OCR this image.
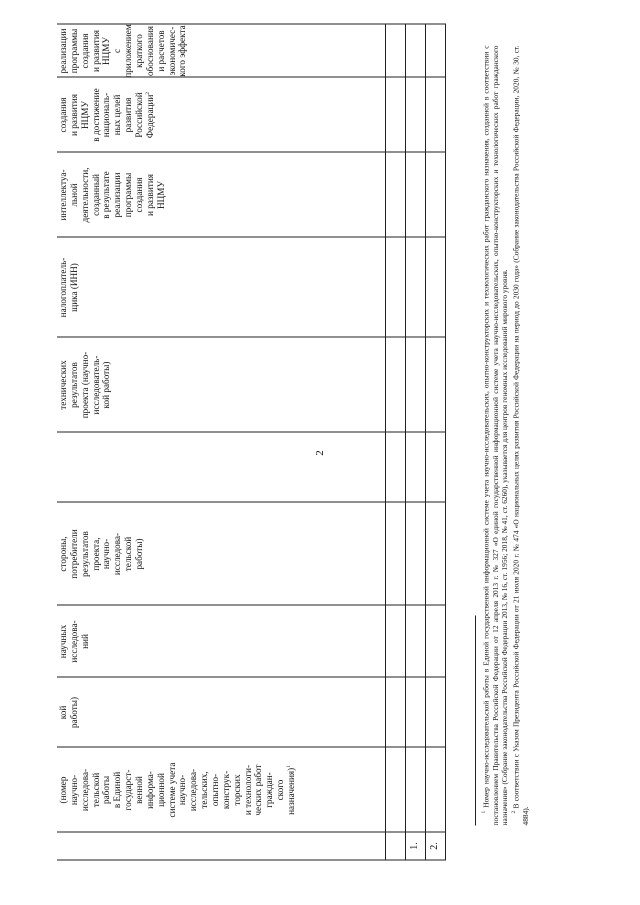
2
(номер
научно-
исследова-
тельской
работы
в Единой
государст-
венной
информа-
ционной
системе учета
научно-
исследова-
тельских,
опытно-
конструк-
торских
и технологи-
ческих работ
граждан-
ского
назначения)$^1$
кой
работы)
научных
исследова-
ний
стороны,
потребители
результатов
проекта,
научно-
исследова-
тельской
работы)
технических
результатов
проекта (научно-
исследователь-
кой работы)
налогоплатель-
щика (ИНН)
интеллектуа-
льной
деятельности,
созданный
в результате
реализации
программы
создания
и развития
НЦМУ
создания
и развития
НЦМУ
в достижение
националь-
ных целей
развития
Российской
Федерации$^2$
реализации
программы
создания
и развития
НЦМУ
с приложением
краткого
обоснования
и расчетов
экономичес-
кого эффекта
1. 2.

$^1$ Номер научно-исследовательской работы в Единой государственной информационной системе учета научно-исследовательских, опытно-конструкторских и технологических работ гражданского назначения, созданной в соответствии с постановлением Правительства Российской Федерации от 12 апреля 2013 г. № 327 «О единой государственной информационной системе учета научно-исследовательских, опытно-конструкторских и технологических работ гражданского назначения» (Собрание законодательства Российской Федерации 2013, № 16, ст. 1956; 2018, № 41, ст. 6260), указывается для центров геномных исследований мирового уровня. $^2$ В соответствии с Указом Президента Российской Федерации от 21 июля 2020 г. № 474 «О национальных целях развития Российской Федерации на период до 2030 года» (Собрание законодательства Российской Федерации, 2020, № 30, ст. 4884).
